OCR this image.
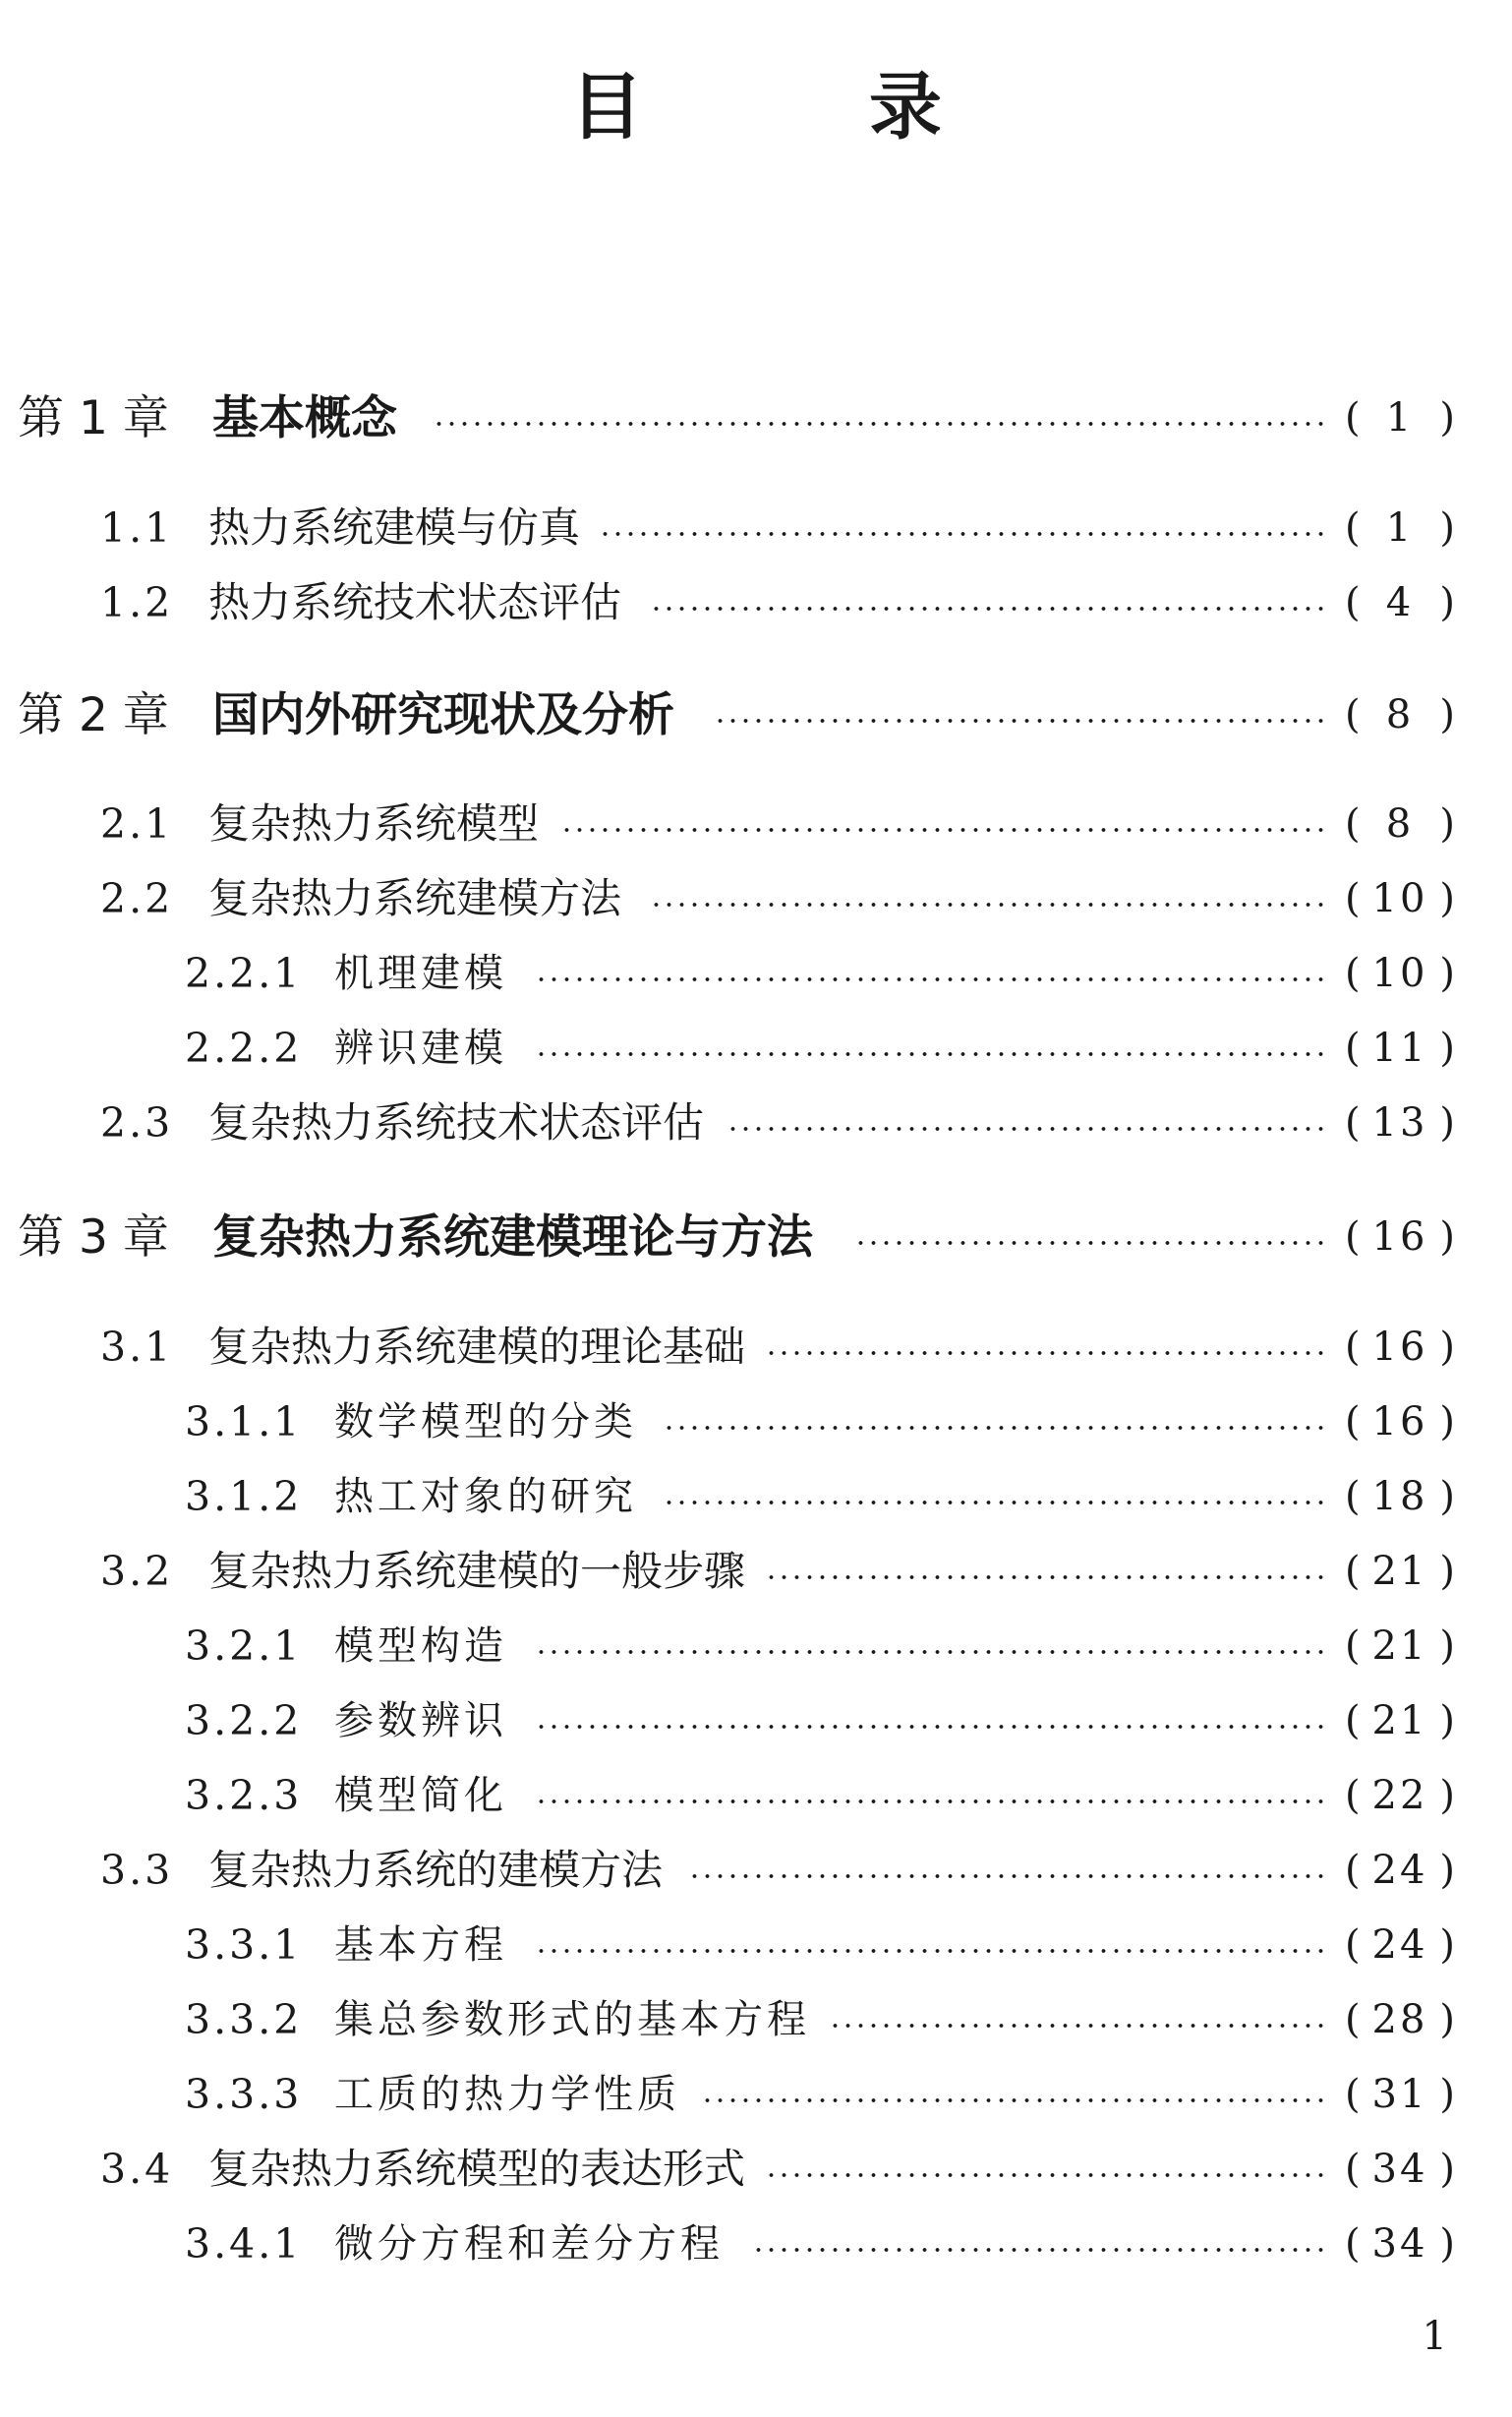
目　录
第 1 章 基本概念	( 1 )
1.1 热力系统建模与仿真	( 1 )
1.2 热力系统技术状态评估	( 4 )
第 2 章 国内外研究现状及分析	( 8 )
2.1 复杂热力系统模型	( 8 )
2.2 复杂热力系统建模方法	( 10 )
2.2.1 机理建模	( 10 )
2.2.2 辨识建模	( 11 )
2.3 复杂热力系统技术状态评估	( 13 )
第 3 章 复杂热力系统建模理论与方法	( 16 )
3.1 复杂热力系统建模的理论基础	( 16 )
3.1.1 数学模型的分类	( 16 )
3.1.2 热工对象的研究	( 18 )
3.2 复杂热力系统建模的一般步骤	( 21 )
3.2.1 模型构造	( 21 )
3.2.2 参数辨识	( 21 )
3.2.3 模型简化	( 22 )
3.3 复杂热力系统的建模方法	( 24 )
3.3.1 基本方程	( 24 )
3.3.2 集总参数形式的基本方程	( 28 )
3.3.3 工质的热力学性质	( 31 )
3.4 复杂热力系统模型的表达形式	( 34 )
3.4.1 微分方程和差分方程	( 34 )
1
